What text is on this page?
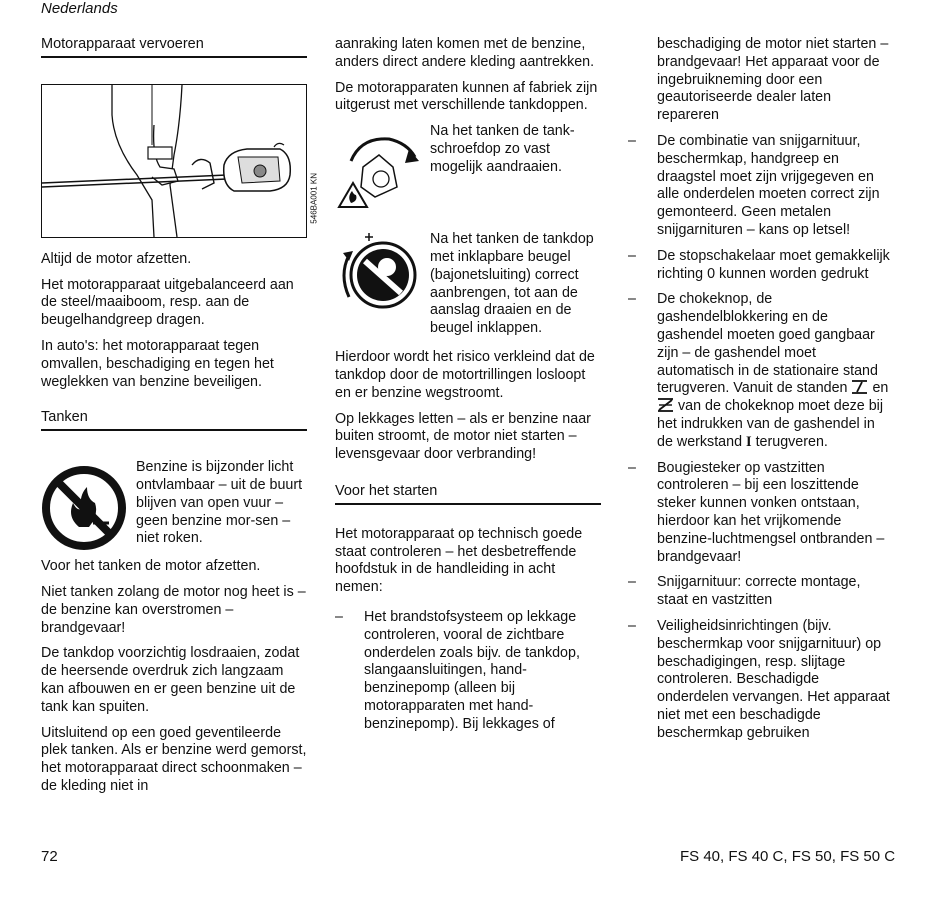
Nederlands
Motorapparaat vervoeren
546BA001 KN

Altijd de motor afzetten.

Het motorapparaat uitgebalanceerd aan de steel/maaiboom, resp. aan de beugelhandgreep dragen.

In auto's: het motorapparaat tegen omvallen, beschadiging en tegen het weglekken van benzine beveiligen.

Tanken
Benzine is bijzonder licht ontvlambaar – uit de buurt blijven van open vuur – geen benzine mor-sen – niet roken.

Voor het tanken de motor afzetten.

Niet tanken zolang de motor nog heet is – de benzine kan overstromen – brandgevaar!

De tankdop voorzichtig losdraaien, zodat de heersende overdruk zich langzaam kan afbouwen en er geen benzine uit de tank kan spuiten.

Uitsluitend op een goed geventileerde plek tanken. Als er benzine werd gemorst, het motorapparaat direct schoonmaken – de kleding niet in

aanraking laten komen met de benzine, anders direct andere kleding aantrekken.

De motorapparaten kunnen af fabriek zijn uitgerust met verschillende tankdoppen.

Na het tanken de tank-schroefdop zo vast mogelijk aandraaien.
Na het tanken de tankdop met inklapbare beugel (bajonetsluiting) correct aanbrengen, tot aan de aanslag draaien en de beugel inklappen.

Hierdoor wordt het risico verkleind dat de tankdop door de motortrillingen losloopt en er benzine wegstroomt.

Op lekkages letten – als er benzine naar buiten stroomt, de motor niet starten – levensgevaar door verbranding!

Voor het starten

Het motorapparaat op technisch goede staat controleren – het desbetreffende hoofdstuk in de handleiding in acht nemen:

– Het brandstofsysteem op lekkage controleren, vooral de zichtbare onderdelen zoals bijv. de tankdop, slangaansluitingen, hand-benzinepomp (alleen bij motorapparaten met hand-benzinepomp). Bij lekkages of
beschadiging de motor niet starten – brandgevaar! Het apparaat voor de ingebruikneming door een geautoriseerde dealer laten repareren
– De combinatie van snijgarnituur, beschermkap, handgreep en draagstel moet zijn vrijgegeven en alle onderdelen moeten correct zijn gemonteerd. Geen metalen snijgarnituren – kans op letsel!
– De stopschakelaar moet gemakkelijk richting 0 kunnen worden gedrukt
– De chokeknop, de gashendelblokkering en de gashendel moeten goed gangbaar zijn – de gashendel moet automatisch in de stationaire stand terugveren. Vanuit de standen  en  van de chokeknop moet deze bij het indrukken van de gashendel in de werkstand I terugveren.
– Bougiesteker op vastzitten controleren – bij een loszittende steker kunnen vonken ontstaan, hierdoor kan het vrijkomende benzine-luchtmengsel ontbranden – brandgevaar!
– Snijgarnituur: correcte montage, staat en vastzitten
– Veiligheidsinrichtingen (bijv. beschermkap voor snijgarnituur) op beschadigingen, resp. slijtage controleren. Beschadigde onderdelen vervangen. Het apparaat niet met een beschadigde beschermkap gebruiken
72	FS 40, FS 40 C, FS 50, FS 50 C
